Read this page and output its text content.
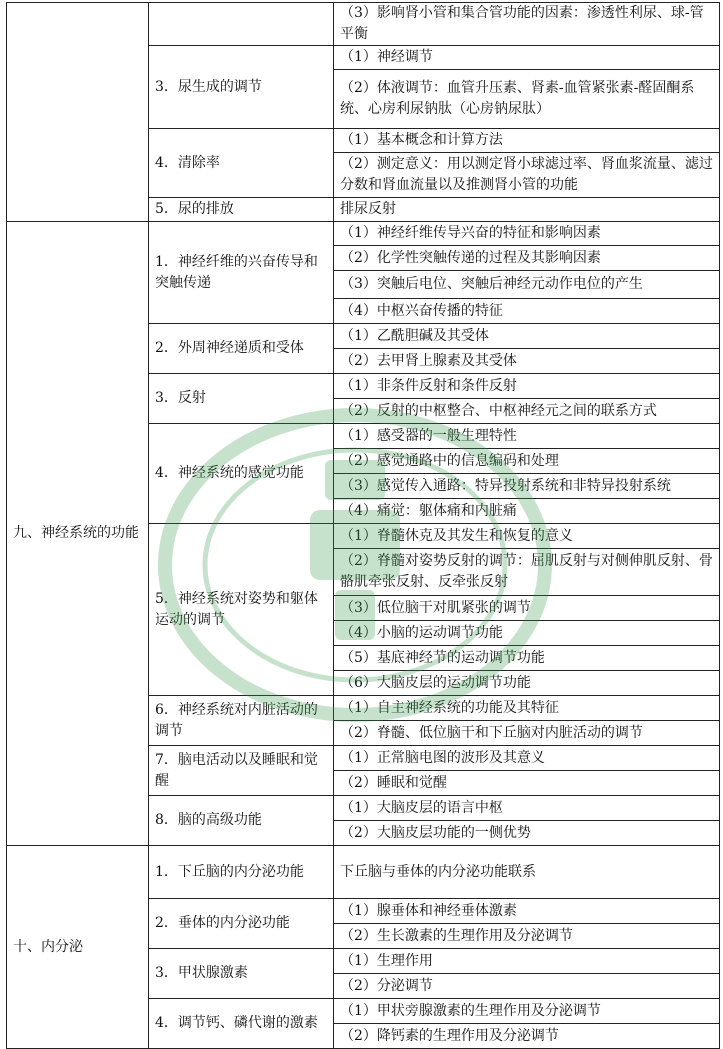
		（3）影响肾小管和集合管功能的因素：渗透性利尿、球-管平衡
	3．尿生成的调节	（1）神经调节
		（2）体液调节：血管升压素、肾素-血管紧张素-醛固酮系统、心房利尿钠肽（心房钠尿肽）
	4．清除率	（1）基本概念和计算方法
		（2）测定意义：用以测定肾小球滤过率、肾血浆流量、滤过分数和肾血流量以及推测肾小管的功能
	5．尿的排放	排尿反射
九、神经系统的功能	1．神经纤维的兴奋传导和突触传递	（1）神经纤维传导兴奋的特征和影响因素
		（2）化学性突触传递的过程及其影响因素
		（3）突触后电位、突触后神经元动作电位的产生
		（4）中枢兴奋传播的特征
	2．外周神经递质和受体	（1）乙酰胆碱及其受体
		（2）去甲肾上腺素及其受体
	3．反射	（1）非条件反射和条件反射
		（2）反射的中枢整合、中枢神经元之间的联系方式
	4．神经系统的感觉功能	（1）感受器的一般生理特性
		（2）感觉通路中的信息编码和处理
		（3）感觉传入通路：特异投射系统和非特异投射系统
		（4）痛觉：躯体痛和内脏痛
	5．神经系统对姿势和躯体运动的调节	（1）脊髓休克及其发生和恢复的意义
		（2）脊髓对姿势反射的调节：屈肌反射与对侧伸肌反射、骨骼肌牵张反射、反牵张反射
		（3）低位脑干对肌紧张的调节
		（4）小脑的运动调节功能
		（5）基底神经节的运动调节功能
		（6）大脑皮层的运动调节功能
	6．神经系统对内脏活动的调节	（1）自主神经系统的功能及其特征
		（2）脊髓、低位脑干和下丘脑对内脏活动的调节
	7．脑电活动以及睡眠和觉醒	（1）正常脑电图的波形及其意义
		（2）睡眠和觉醒
	8．脑的高级功能	（1）大脑皮层的语言中枢
		（2）大脑皮层功能的一侧优势
十、内分泌	1．下丘脑的内分泌功能	下丘脑与垂体的内分泌功能联系
	2．垂体的内分泌功能	（1）腺垂体和神经垂体激素
		（2）生长激素的生理作用及分泌调节
	3．甲状腺激素	（1）生理作用
		（2）分泌调节
	4．调节钙、磷代谢的激素	（1）甲状旁腺激素的生理作用及分泌调节
		（2）降钙素的生理作用及分泌调节
